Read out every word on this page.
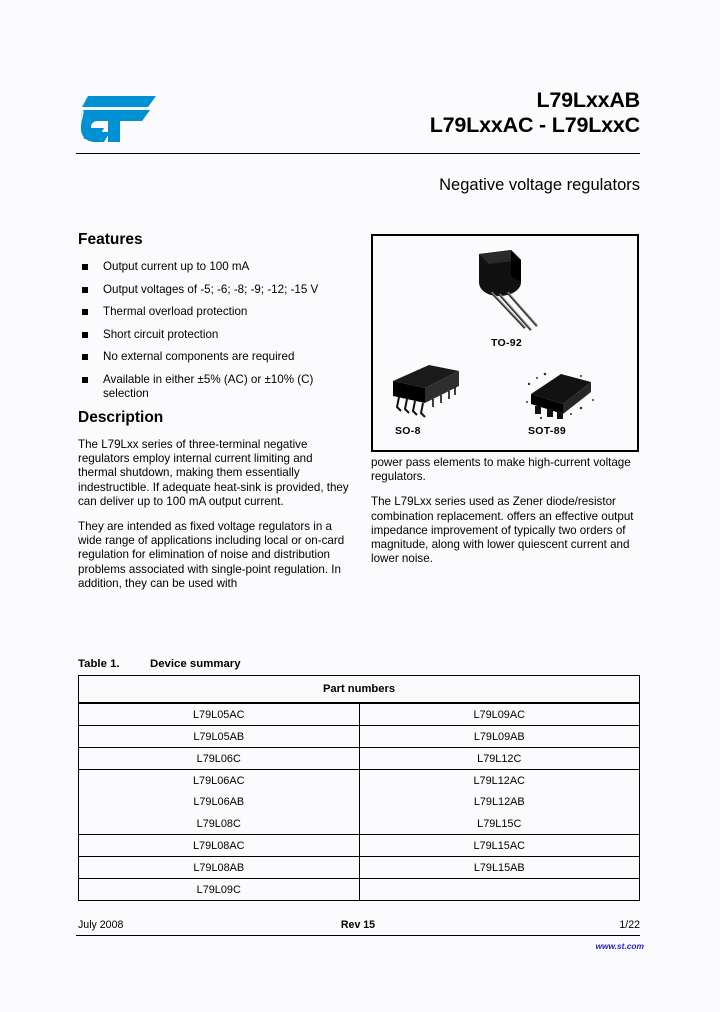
L79LxxAB
L79LxxAC - L79LxxC
Negative voltage regulators
Features
Output current up to 100 mA
Output voltages of -5; -6; -8; -9; -12; -15 V
Thermal overload protection
Short circuit protection
No external components are required
Available in either ±5% (AC) or ±10% (C) selection
Description

The L79Lxx series of three-terminal negative regulators employ internal current limiting and thermal shutdown, making them essentially indestructible. If adequate heat-sink is provided, they can deliver up to 100 mA output current.

They are intended as fixed voltage regulators in a wide range of applications including local or on-card regulation for elimination of noise and distribution problems associated with single-point regulation. In addition, they can be used with

TO-92
SO-8	SOT-89

power pass elements to make high-current voltage regulators.

The L79Lxx series used as Zener diode/resistor combination replacement. offers an effective output impedance improvement of typically two orders of magnitude, along with lower quiescent current and lower noise.

Table 1.	Device summary
Part numbers	
L79L05AC	L79L09AC
L79L05AB	L79L09AB
L79L06C	L79L12C
L79L06AC	L79L12AC
L79L06AB	L79L12AB
L79L08C	L79L15C
L79L08AC	L79L15AC
L79L08AB	L79L15AB
L79L09C	
July 2008	Rev 15	1/22
www.st.com
